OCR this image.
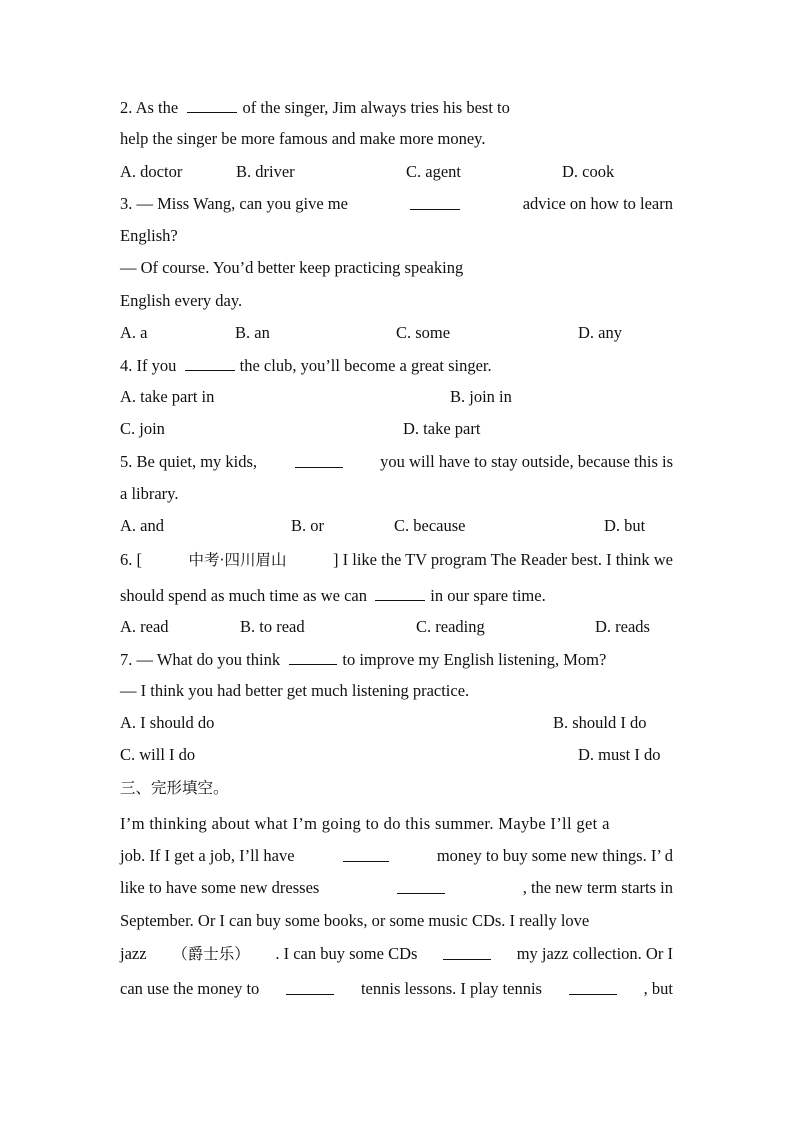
2. As the	of the singer, Jim always tries his best to
help the singer be more famous and make more money.
A. doctor	B. driver	C. agent	D. cook
3. — Miss Wang, can you give me	advice on how to learn
English?
— Of course. You’d better keep practicing speaking
English every day.
A. a	B. an	C. some	D. any
4. If you	the club, you’ll become a great singer.
A. take part in	B. join in
C. join	D. take part
5. Be quiet, my kids,	you will have to stay outside, because this is
a library.
A. and	B. or	C. because	D. but
6. [	中考·四川眉山	] I like the TV program The Reader best. I think we
should spend as much time as we can	in our spare time.
A. read	B. to read	C. reading	D. reads
7. — What do you think	to improve my English listening, Mom?
— I think you had better get much listening practice.
A. I should do	B. should I do
C. will I do	D. must I do
三、完形填空。
I’m thinking about what I’m going to do this summer. Maybe I’ll get a
job. If I get a job, I’ll have	money to buy some new things. I’ d
like to have some new dresses	, the new term starts in
September. Or I can buy some books, or some music CDs. I really love
jazz （爵士乐） . I can buy some CDs	my jazz collection. Or I
can use the money to	tennis lessons. I play tennis	, but
